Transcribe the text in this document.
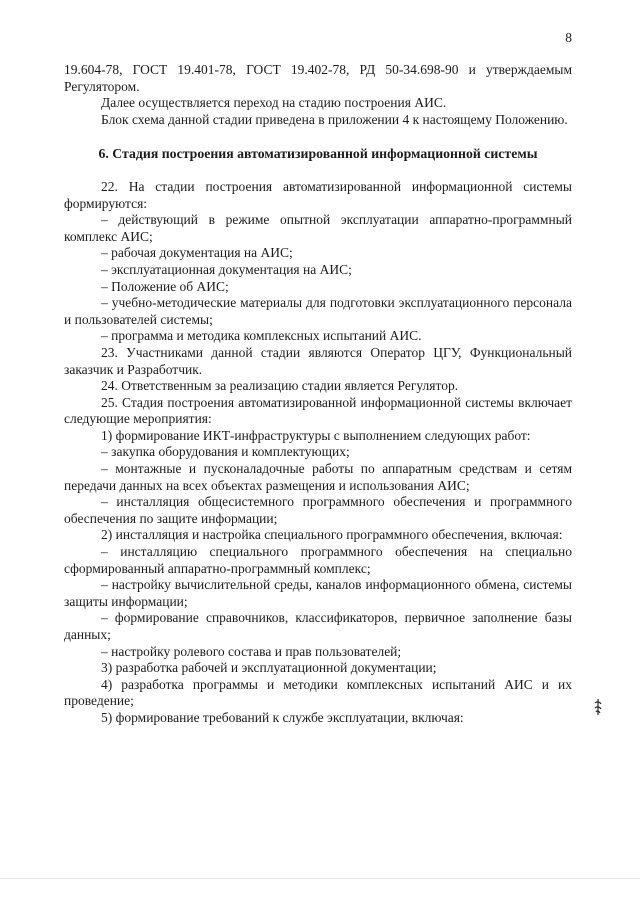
8

19.604-78, ГОСТ 19.401-78, ГОСТ 19.402-78, РД 50-34.698-90 и утверждаемым Регулятором.

Далее осуществляется переход на стадию построения АИС.

Блок схема данной стадии приведена в приложении 4 к настоящему Положению.

6. Стадия построения автоматизированной информационной системы

22. На стадии построения автоматизированной информационной системы формируются:

– действующий в режиме опытной эксплуатации аппаратно-программный комплекс АИС;

– рабочая документация на АИС;

– эксплуатационная документация на АИС;

– Положение об АИС;

– учебно-методические материалы для подготовки эксплуатационного персонала и пользователей системы;

– программа и методика комплексных испытаний АИС.

23. Участниками данной стадии являются Оператор ЦГУ, Функциональный заказчик и Разработчик.

24. Ответственным за реализацию стадии является Регулятор.

25. Стадия построения автоматизированной информационной системы включает следующие мероприятия:

1) формирование ИКТ-инфраструктуры с выполнением следующих работ:

– закупка оборудования и комплектующих;

– монтажные и пусконаладочные работы по аппаратным средствам и сетям передачи данных на всех объектах размещения и использования АИС;

– инсталляция общесистемного программного обеспечения и программного обеспечения по защите информации;

2) инсталляция и настройка специального программного обеспечения, включая:

– инсталляцию специального программного обеспечения на специально сформированный аппаратно-программный комплекс;

– настройку вычислительной среды, каналов информационного обмена, системы защиты информации;

– формирование справочников, классификаторов, первичное заполнение базы данных;

– настройку ролевого состава и прав пользователей;

3) разработка рабочей и эксплуатационной документации;

4) разработка программы и методики комплексных испытаний АИС и их проведение;

5) формирование требований к службе эксплуатации, включая:
